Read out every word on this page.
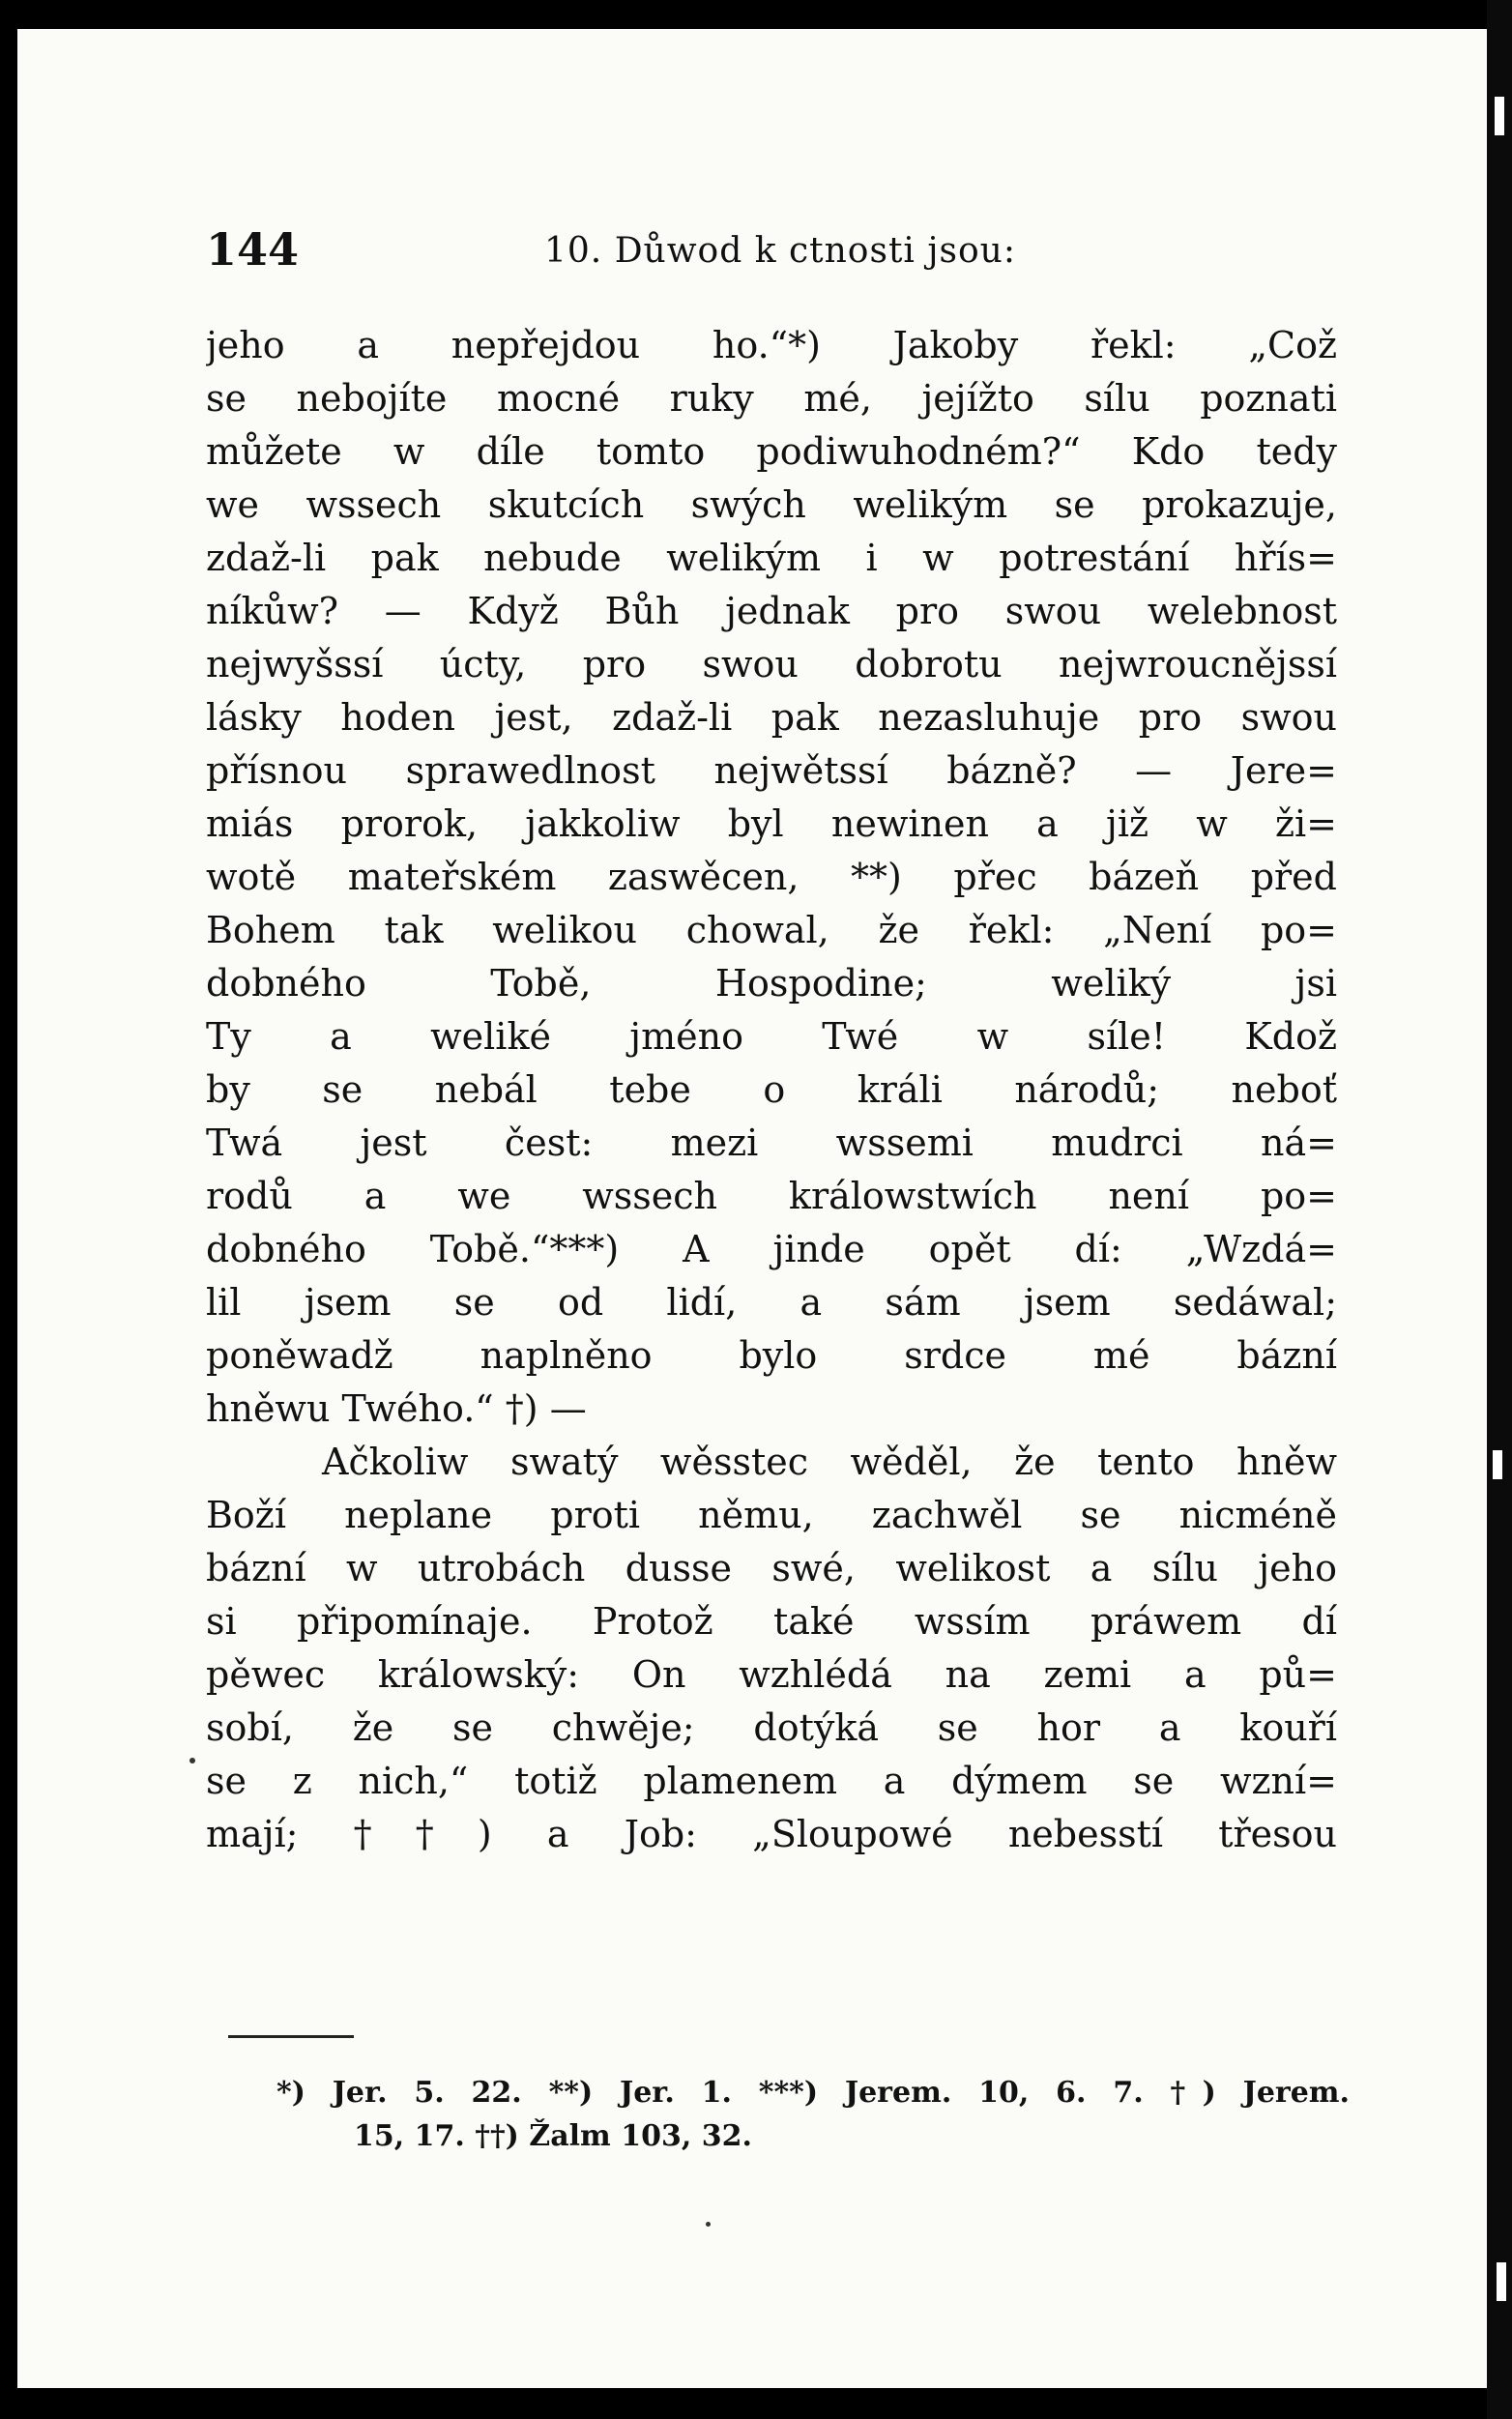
144	10. Důwod k ctnosti jsou:
jeho a nepřejdou ho.“*) Jakoby řekl: „Což
se nebojíte mocné ruky mé, jejížto sílu poznati
můžete w díle tomto podiwuhodném?“ Kdo tedy
we wssech skutcích swých welikým se prokazuje,
zdaž-li pak nebude welikým i w potrestání hřís=
níkůw? — Když Bůh jednak pro swou welebnost
nejwyšssí úcty, pro swou dobrotu nejwroucnějssí
lásky hoden jest, zdaž-li pak nezasluhuje pro swou
přísnou sprawedlnost nejwětssí bázně? — Jere=
miás prorok, jakkoliw byl newinen a již w ži=
wotě mateřském zaswěcen, **) přec bázeň před
Bohem tak welikou chowal, že řekl: „Není po=
dobného Tobě, Hospodine; weliký jsi
Ty a weliké jméno Twé w síle! Kdož
by se nebál tebe o králi národů; neboť
Twá jest čest: mezi wssemi mudrci ná=
rodů a we wssech králowstwích není po=
dobného Tobě.“***) A jinde opět dí: „Wzdá=
lil jsem se od lidí, a sám jsem sedáwal;
poněwadž naplněno bylo srdce mé bázní
hněwu Twého.“ †) —
Ačkoliw swatý wěsstec wěděl, že tento hněw
Boží neplane proti němu, zachwěl se nicméně
bázní w utrobách dusse swé, welikost a sílu jeho
si připomínaje. Protož také wssím práwem dí
pěwec králowský: On wzhlédá na zemi a pů=
sobí, že se chwěje; dotýká se hor a kouří
se z nich,“ totiž plamenem a dýmem se wzní=
mají; ††) a Job: „Sloupowé nebesstí třesou
*) Jer. 5. 22. **) Jer. 1. ***) Jerem. 10, 6. 7. †) Jerem.
15, 17. ††) Žalm 103, 32.
